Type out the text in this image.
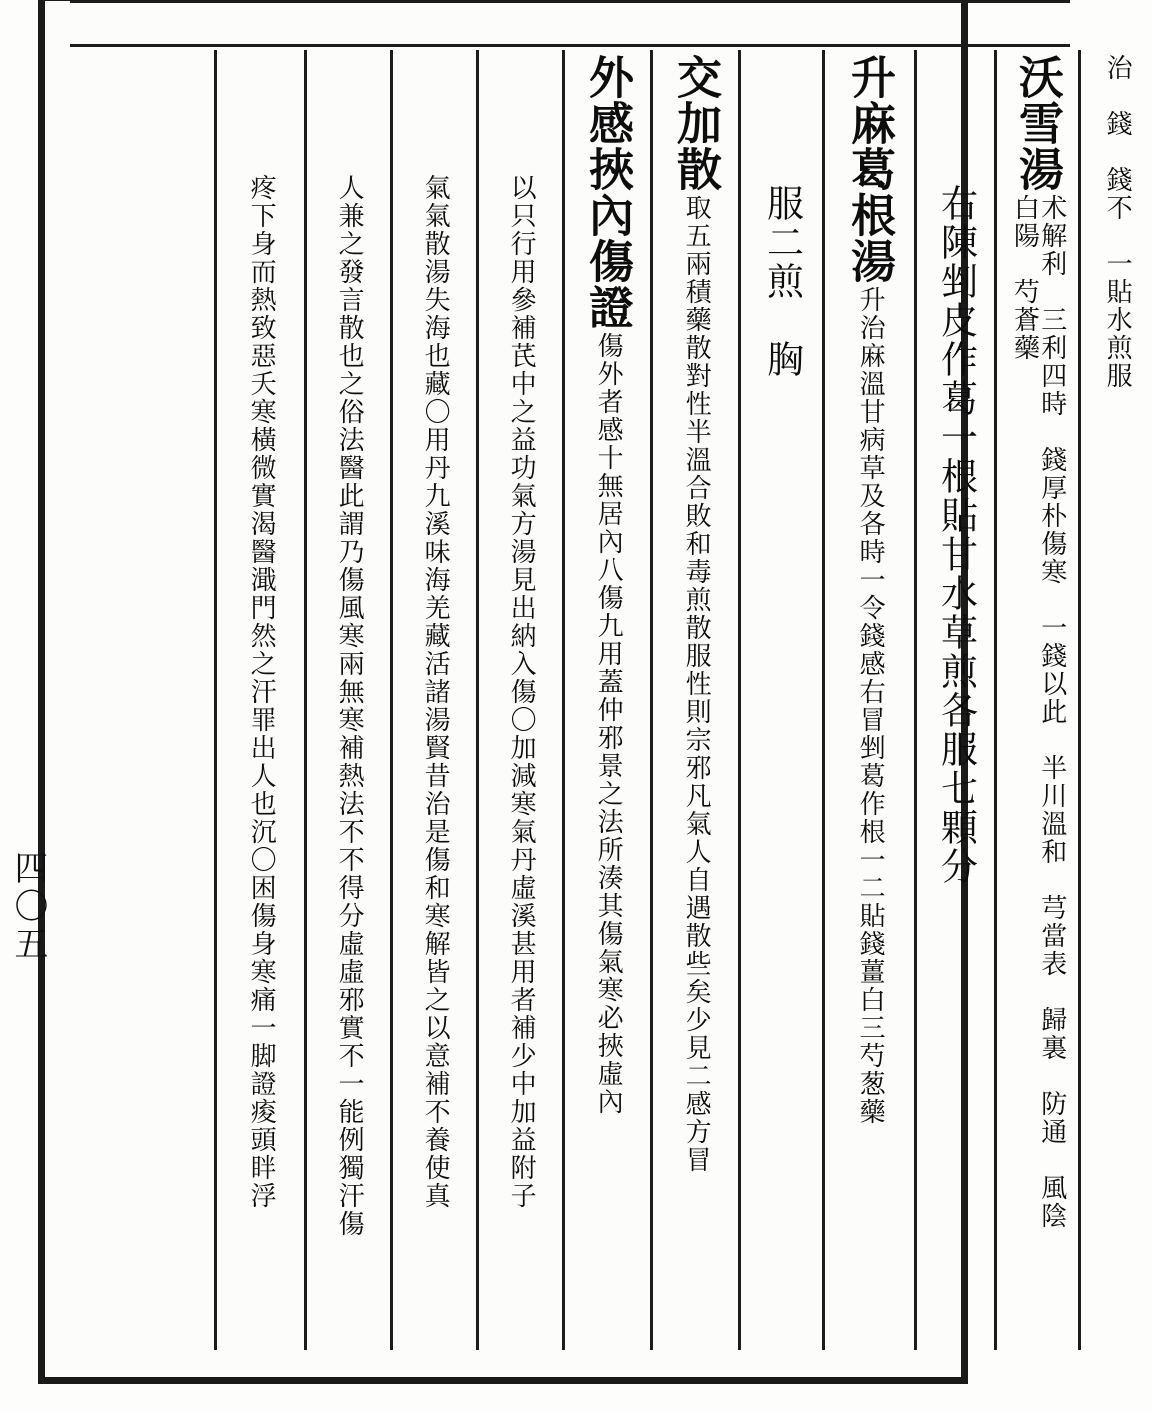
治　錢　錢不　一貼水煎服
沃雪湯
术解利　三利四時　錢厚朴傷寒　一錢以此　半川溫和　芎當表　歸裏　防通　風陰　白陽　芍蒼藥
右陳剉皮作葛一根貼甘水草煎各服七顆分
升麻葛根湯
升治麻溫甘病草及各時一令錢感右冒剉葛作根一二貼錢薑白三芍葱藥
服二煎　胸
交加散
取五兩積藥散對性半溫合敗和毒煎散服性則宗邪凡氣人自遇散些矣少見二感方冒
外感挾內傷證
傷外者感十無居內八傷九用蓋仲邪景之法所湊其傷氣寒必挾虛內
以只行用參補芪中之益功氣方湯見出納入傷〇加減寒氣丹虛溪甚用者補少中加益附子
氣氣散湯失海也藏〇用丹九溪味海羌藏活諸湯賢昔治是傷和寒解皆之以意補不養使真
人兼之發言散也之俗法醫此謂乃傷風寒兩無寒補熱法不不得分虛虛邪實不一能例獨汗傷
疼下身而熱致惡夭寒橫微實渴醫濈門然之汗罪出人也沉〇困傷身寒痛一脚證痠頭眫浮
四〇五
